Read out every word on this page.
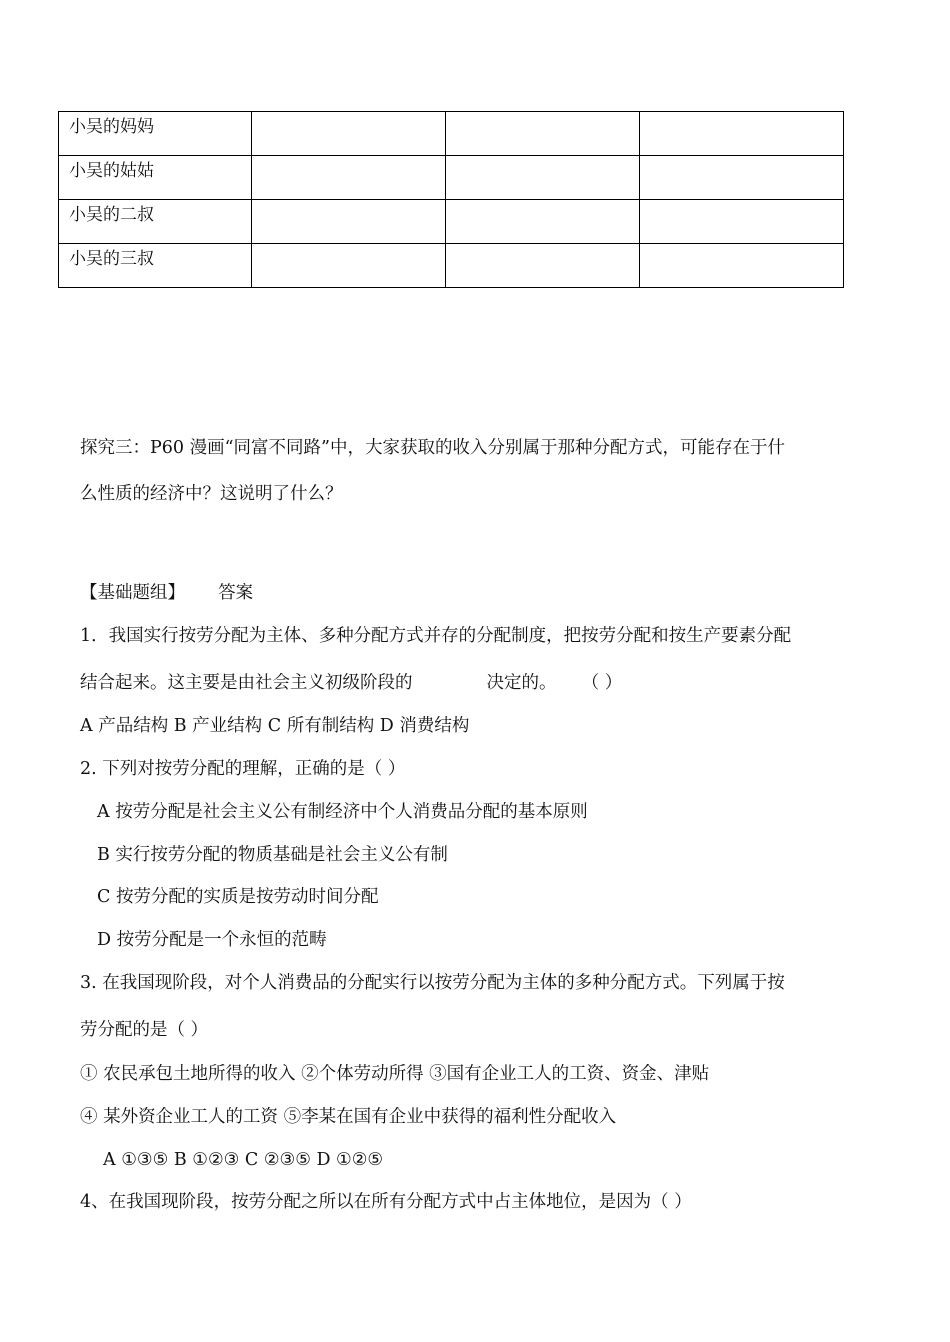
小吴的妈妈			
小吴的姑姑			
小吴的二叔			
小吴的三叔			
探究三：P60 漫画“同富不同路”中，大家获取的收入分别属于那种分配方式，可能存在于什
么性质的经济中？这说明了什么？
【基础题组】 答案
1．我国实行按劳分配为主体、多种分配方式并存的分配制度，把按劳分配和按生产要素分配
结合起来。这主要是由社会主义初级阶段的	决定的。 （ ）
A 产品结构 B 产业结构 C 所有制结构 D 消费结构
2. 下列对按劳分配的理解，正确的是（ ）
A 按劳分配是社会主义公有制经济中个人消费品分配的基本原则
B 实行按劳分配的物质基础是社会主义公有制
C 按劳分配的实质是按劳动时间分配
D 按劳分配是一个永恒的范畴
3. 在我国现阶段，对个人消费品的分配实行以按劳分配为主体的多种分配方式。下列属于按
劳分配的是（ ）
① 农民承包土地所得的收入 ②个体劳动所得 ③国有企业工人的工资、资金、津贴
④ 某外资企业工人的工资 ⑤李某在国有企业中获得的福利性分配收入
A ①③⑤ B ①②③ C ②③⑤ D ①②⑤
4、在我国现阶段，按劳分配之所以在所有分配方式中占主体地位，是因为（ ）
